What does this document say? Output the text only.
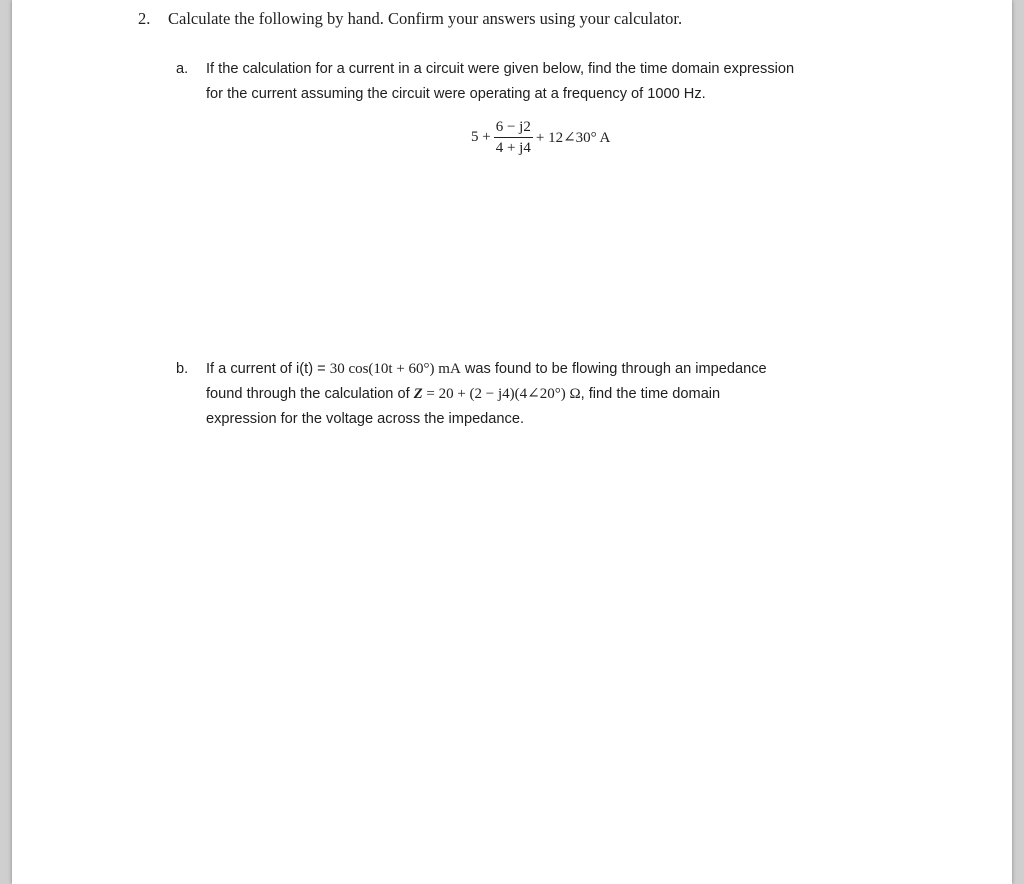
2. Calculate the following by hand. Confirm your answers using your calculator.
a. If the calculation for a current in a circuit were given below, find the time domain expression
for the current assuming the circuit were operating at a frequency of 1000 Hz.
$5 + \frac{6 - j2}{4 + j4}$ + 12∠30° A
b. If a current of i(t) = 30 cos(10t + 60°) mA was found to be flowing through an impedance
found through the calculation of Z = 20 + (2 − j4)(4∠20°) Ω, find the time domain
expression for the voltage across the impedance.
